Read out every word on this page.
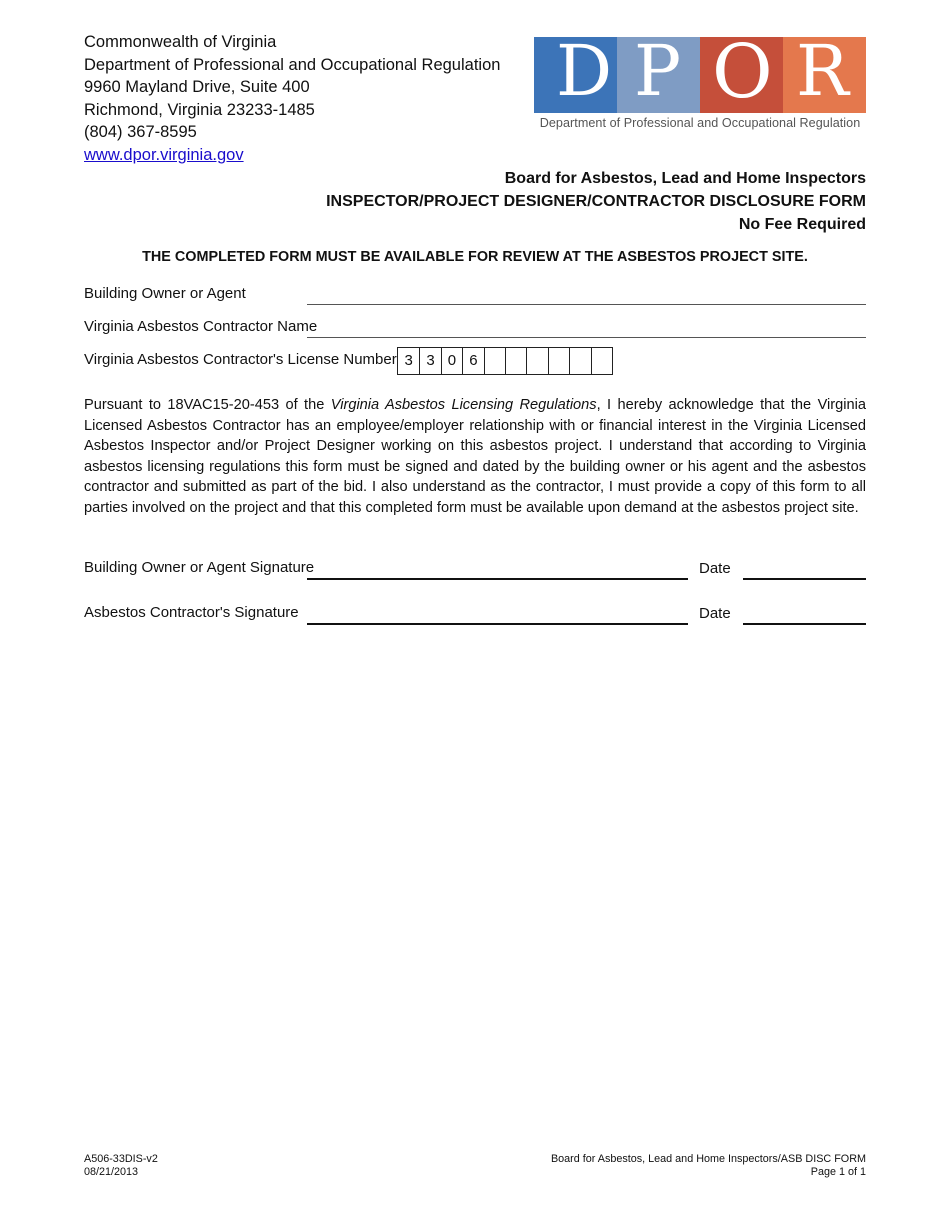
Commonwealth of Virginia
Department of Professional and Occupational Regulation
9960 Mayland Drive, Suite 400
Richmond, Virginia 23233-1485
(804) 367-8595
www.dpor.virginia.gov
D P O R
Department of Professional and Occupational Regulation
Board for Asbestos, Lead and Home Inspectors
INSPECTOR/PROJECT DESIGNER/CONTRACTOR DISCLOSURE FORM
No Fee Required
THE COMPLETED FORM MUST BE AVAILABLE FOR REVIEW AT THE ASBESTOS PROJECT SITE.
Building Owner or Agent
Virginia Asbestos Contractor Name
Virginia Asbestos Contractor's License Number 3 3 0 6
Pursuant to 18VAC15-20-453 of the Virginia Asbestos Licensing Regulations, I hereby acknowledge that the Virginia Licensed Asbestos Contractor has an employee/employer relationship with or financial interest in the Virginia Licensed Asbestos Inspector and/or Project Designer working on this asbestos project. I understand that according to Virginia asbestos licensing regulations this form must be signed and dated by the building owner or his agent and the asbestos contractor and submitted as part of the bid. I also understand as the contractor, I must provide a copy of this form to all parties involved on the project and that this completed form must be available upon demand at the asbestos project site.
Building Owner or Agent Signature	Date
Asbestos Contractor's Signature	Date
A506-33DIS-v2
08/21/2013
Board for Asbestos, Lead and Home Inspectors/ASB DISC FORM
Page 1 of 1
